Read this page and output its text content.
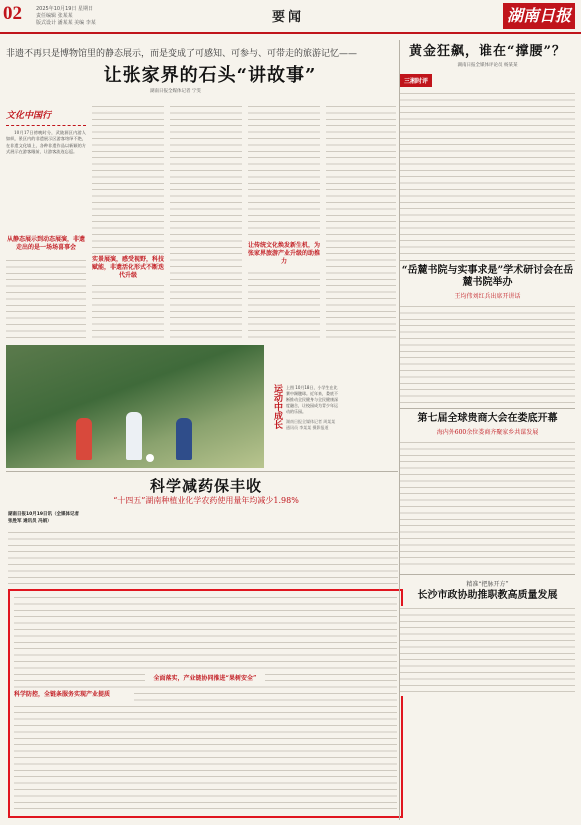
02	2025年10月19日 星期日
责任编辑 张某某
版式设计 潘某某 美编 李某	要闻	湖南日报
非遗不再只是博物馆里的静态展示，而是变成了可感知、可参与、可带走的旅游记忆——
让张家界的石头“讲故事”
湖南日报全媒体记者 宁雯
文化中国行

10月17日傍晚时分，武陵源区内游人如织，景区内的非遗展示区游客络绎不绝，在非遗文化墙上，各种非遗作品以新颖的方式展示在游客眼前，让游客流连忘返。

从静态展示到动态展演，非遗走出的是一场场喜事会
实景展演，感受视野，科技赋能，非遗活化形式不断迭代升级
让传统文化焕发新生机，为张家界旅游产业升级的助推力
运动中成长	上图 10月18日，小学生在比赛中踢毽球。近年来，娄底不断推动全民健身与全民健康深度融合，让校园成为青少年运动的乐园。
湖南日报全媒体记者 周某某 通讯员 李某某 摄影报道
科学减药保丰收
“十四五”湖南种植业化学农药使用量年均减少1.98%
湖南日报10月19日讯（全媒体记者 张胜军 通讯员 冯娟）
科学防控，全链条服务实现产业提质
全面落实，产业链协同推进“果树安全”
黄金狂飙，谁在“撑腰”？
湖南日报全媒体评论员 杨某某
三湘时评
“岳麓书院与实事求是”学术研讨会在岳麓书院举办
王均伟刘红兵出席开讲话
第七届全球贵商大会在娄底开幕
海内外600余位娄商齐聚家乡共谋发展
精准“把脉开方”
长沙市政协助推职教高质量发展
